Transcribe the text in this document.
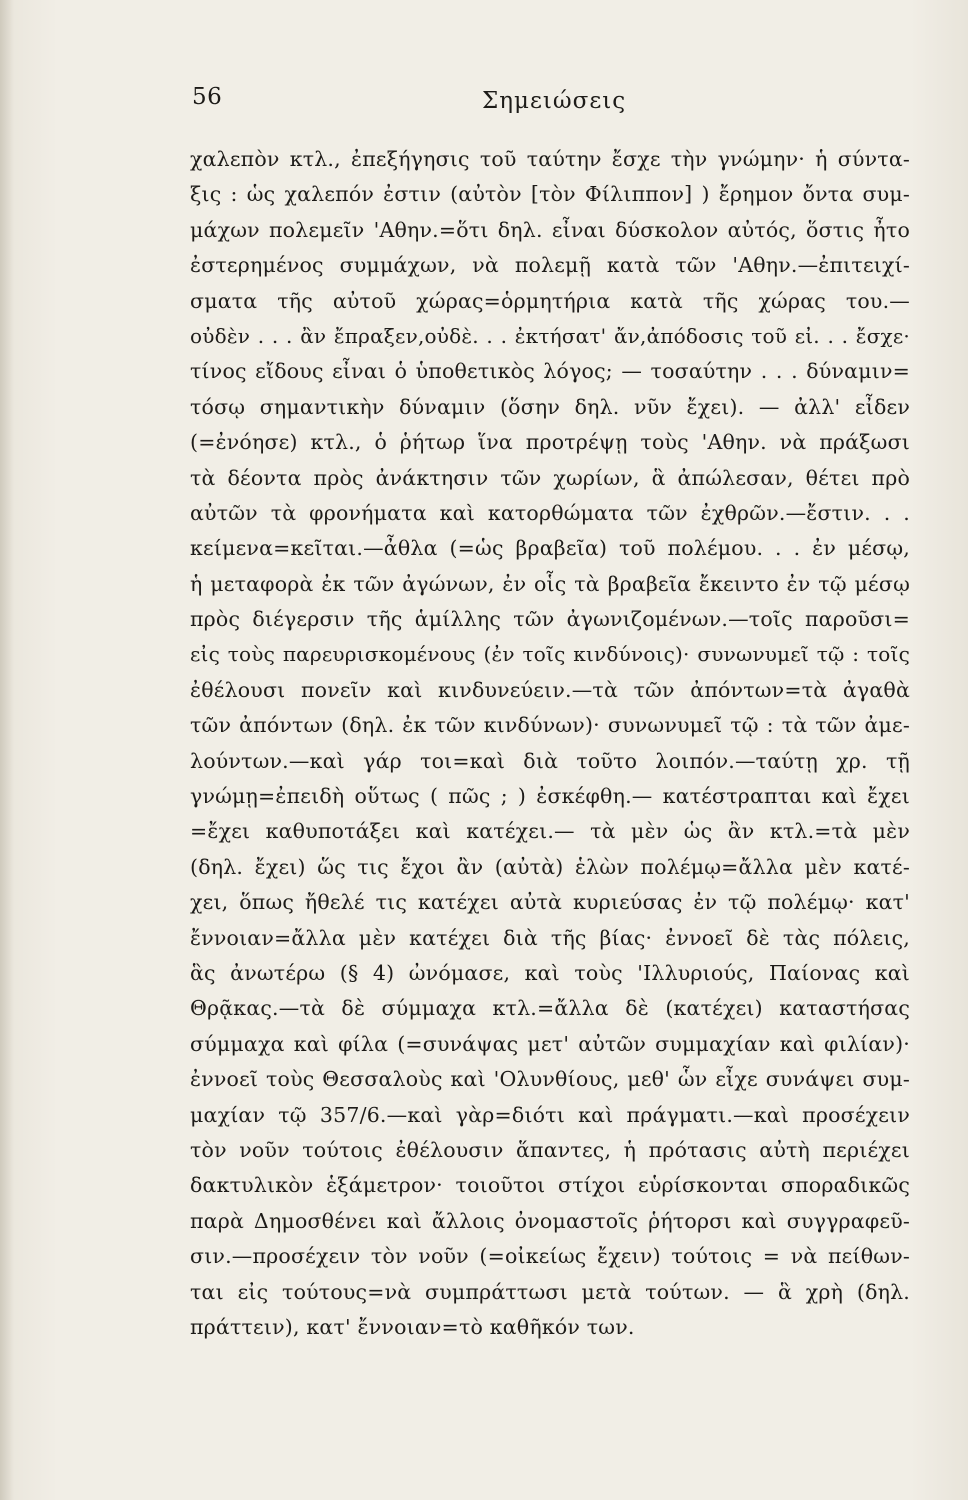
56	Σημειώσεις
χαλεπὸν κτλ., ἐπεξήγησις τοῦ ταύτην ἔσχε τὴν γνώμην· ἡ σύντα-
ξις : ὡς χαλεπόν ἐστιν (αὐτὸν [τὸν Φίλιππον] ) ἔρημον ὄντα συμ-
μάχων πολεμεῖν 'Αθην.=ὅτι δηλ. εἶναι δύσκολον αὐτός, ὅστις ἦτο
ἐστερημένος συμμάχων, νὰ πολεμῇ κατὰ τῶν 'Αθην.—ἐπιτειχί-
σματα τῆς αὐτοῦ χώρας=ὁρμητήρια κατὰ τῆς χώρας του.—
οὐδὲν . . . ἂν ἔπραξεν,οὐδὲ. . . ἐκτήσατ' ἄν,ἀπόδοσις τοῦ εἰ. . . ἔσχε·
τίνος εἴδους εἶναι ὁ ὑποθετικὸς λόγος; — τοσαύτην . . . δύναμιν=
τόσῳ σημαντικὴν δύναμιν (ὅσην δηλ. νῦν ἔχει). — ἀλλ' εἶδεν
(=ἐνόησε) κτλ., ὁ ῥήτωρ ἵνα προτρέψῃ τοὺς 'Αθην. νὰ πράξωσι
τὰ δέοντα πρὸς ἀνάκτησιν τῶν χωρίων, ἃ ἀπώλεσαν, θέτει πρὸ
αὐτῶν τὰ φρονήματα καὶ κατορθώματα τῶν ἐχθρῶν.—ἔστιν. . .
κείμενα=κεῖται.—ἆθλα (=ὡς βραβεῖα) τοῦ πολέμου. . . ἐν μέσῳ,
ἡ μεταφορὰ ἐκ τῶν ἀγώνων, ἐν οἷς τὰ βραβεῖα ἔκειντο ἐν τῷ μέσῳ
πρὸς διέγερσιν τῆς ἁμίλλης τῶν ἀγωνιζομένων.—τοῖς παροῦσι=
εἰς τοὺς παρευρισκομένους (ἐν τοῖς κινδύνοις)· συνωνυμεῖ τῷ : τοῖς
ἐθέλουσι πονεῖν καὶ κινδυνεύειν.—τὰ τῶν ἀπόντων=τὰ ἀγαθὰ
τῶν ἀπόντων (δηλ. ἐκ τῶν κινδύνων)· συνωνυμεῖ τῷ : τὰ τῶν ἀμε-
λούντων.—καὶ γάρ τοι=καὶ διὰ τοῦτο λοιπόν.—ταύτῃ χρ. τῇ
γνώμῃ=ἐπειδὴ οὕτως ( πῶς ; ) ἐσκέφθη.— κατέστραπται καὶ ἔχει
=ἔχει καθυποτάξει καὶ κατέχει.— τὰ μὲν ὡς ἂν κτλ.=τὰ μὲν
(δηλ. ἔχει) ὥς τις ἔχοι ἂν (αὐτὰ) ἑλὼν πολέμῳ=ἄλλα μὲν κατέ-
χει, ὅπως ἤθελέ τις κατέχει αὐτὰ κυριεύσας ἐν τῷ πολέμῳ· κατ'
ἔννοιαν=ἄλλα μὲν κατέχει διὰ τῆς βίας· ἐννοεῖ δὲ τὰς πόλεις,
ἃς ἀνωτέρω (§ 4) ὠνόμασε, καὶ τοὺς 'Ιλλυριούς, Παίονας καὶ
Θρᾷκας.—τὰ δὲ σύμμαχα κτλ.=ἄλλα δὲ (κατέχει) καταστήσας
σύμμαχα καὶ φίλα (=συνάψας μετ' αὐτῶν συμμαχίαν καὶ φιλίαν)·
ἐννοεῖ τοὺς Θεσσαλοὺς καὶ 'Ολυνθίους, μεθ' ὧν εἶχε συνάψει συμ-
μαχίαν τῷ 357/6.—καὶ γὰρ=διότι καὶ πράγματι.—καὶ προσέχειν
τὸν νοῦν τούτοις ἐθέλουσιν ἅπαντες, ἡ πρότασις αὐτὴ περιέχει
δακτυλικὸν ἑξάμετρον· τοιοῦτοι στίχοι εὑρίσκονται σποραδικῶς
παρὰ Δημοσθένει καὶ ἄλλοις ὀνομαστοῖς ῥήτορσι καὶ συγγραφεῦ-
σιν.—προσέχειν τὸν νοῦν (=οἰκείως ἔχειν) τούτοις = νὰ πείθων-
ται εἰς τούτους=νὰ συμπράττωσι μετὰ τούτων. — ἃ χρὴ (δηλ.
πράττειν), κατ' ἔννοιαν=τὸ καθῆκόν των.
